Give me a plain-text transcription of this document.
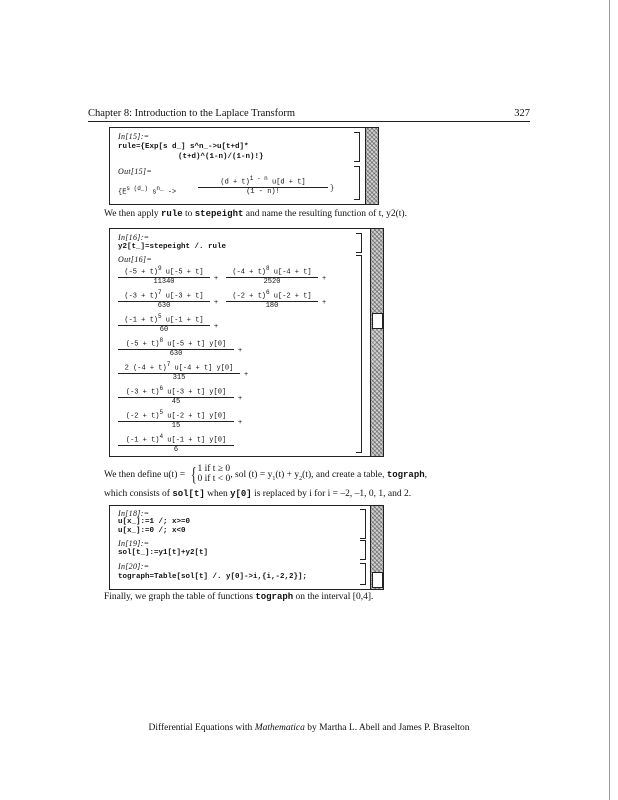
Chapter 8: Introduction to the Laplace Transform	327
In[15]:=
rule={Exp[s d_] s^n_->u[t+d]*
(t+d)^(1-n)/(1-n)!}
Out[15]=
{$E^{s (d\_)}$ $s^{n\_}$ ->
$(d + t)^{1 - n}$ u[d + t]
(1 - n)!	}
We then apply rule to stepeight and name the resulting function of t, y2(t).
In[16]:=
y2[t_]=stepeight /. rule
Out[16]=
$(-5 + t)^9$ u[-5 + t]
11340	+
$(-4 + t)^8$ u[-4 + t]
2520	+
$(-3 + t)^7$ u[-3 + t]
630	+
$(-2 + t)^6$ u[-2 + t]
180	+
$(-1 + t)^5$ u[-1 + t]
60	+
$(-5 + t)^8$ u[-5 + t] y[0]
630	+
2 $(-4 + t)^7$ u[-4 + t] y[0]
315	+
$(-3 + t)^6$ u[-3 + t] y[0]
45	+
$(-2 + t)^5$ u[-2 + t] y[0]
15	+
$(-1 + t)^4$ u[-1 + t] y[0]
6
We then define u(t) = { 1 if t ≥ 0
0 if t < 0 , sol $(t) = y_1(t) + y_2(t)$, and create a table, tograph,
which consists of sol[t] when y[0] is replaced by i for i = –2, –1, 0, 1, and 2.
In[18]:=
u[x_]:=1 /; x>=0
u[x_]:=0 /; x<0
In[19]:=
sol[t_]:=y1[t]+y2[t]
In[20]:=
tograph=Table[sol[t] /. y[0]->i,{i,-2,2}];
Finally, we graph the table of functions tograph on the interval [0,4].
Differential Equations with Mathematica by Martha L. Abell and James P. Braselton
